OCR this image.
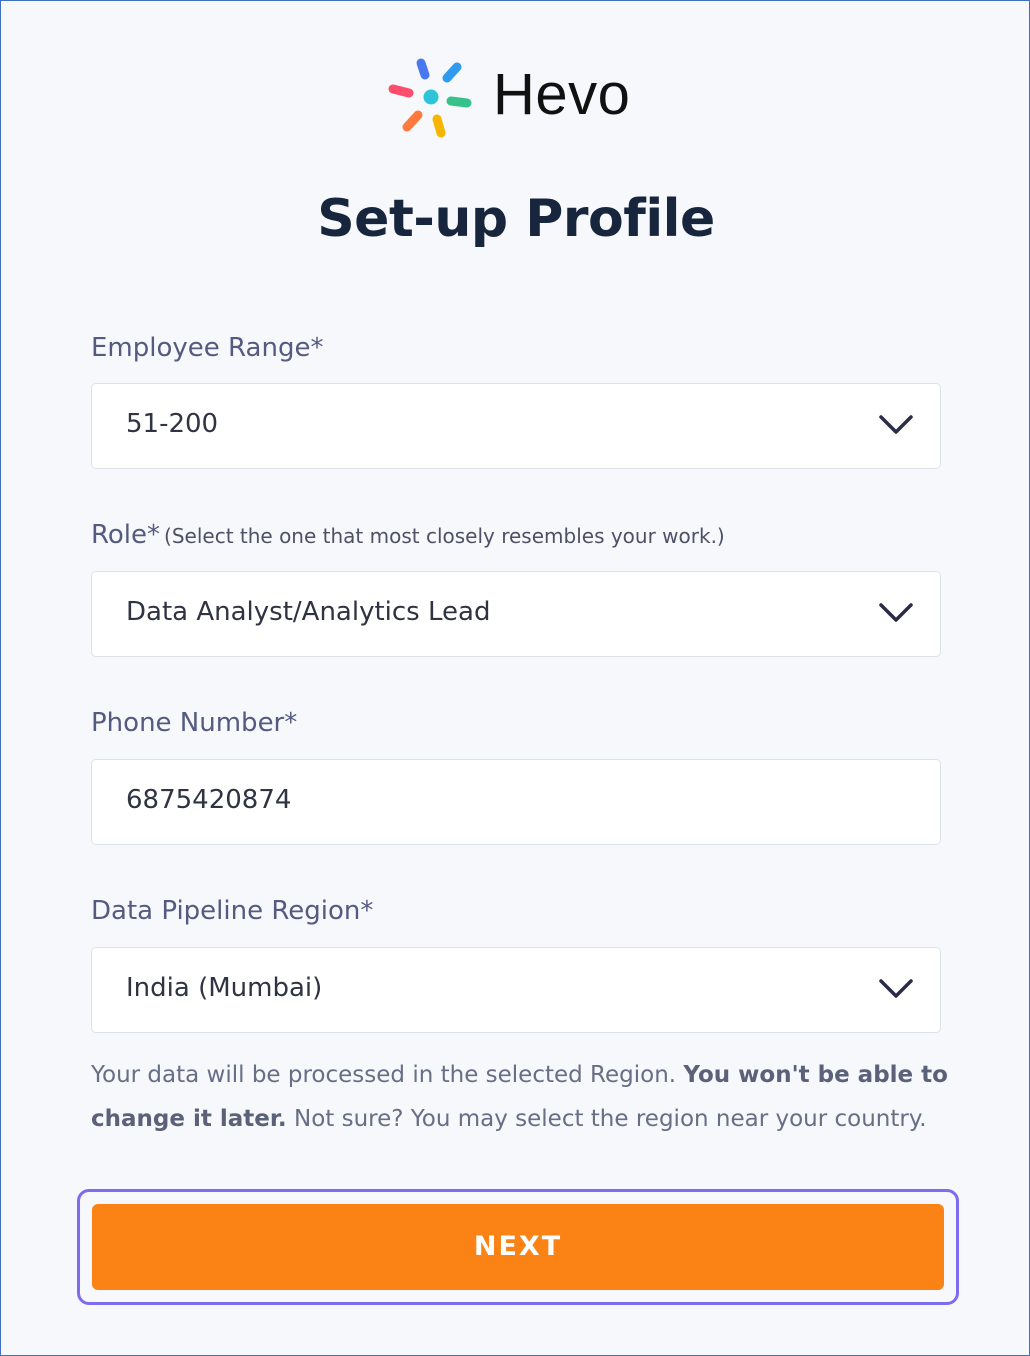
Hevo
Set-up Profile
Employee Range*
51-200
Role* (Select the one that most closely resembles your work.)
Data Analyst/Analytics Lead
Phone Number*
6875420874
Data Pipeline Region*
India (Mumbai)
Your data will be processed in the selected Region. You won't be able to change it later. Not sure? You may select the region near your country.
NEXT
